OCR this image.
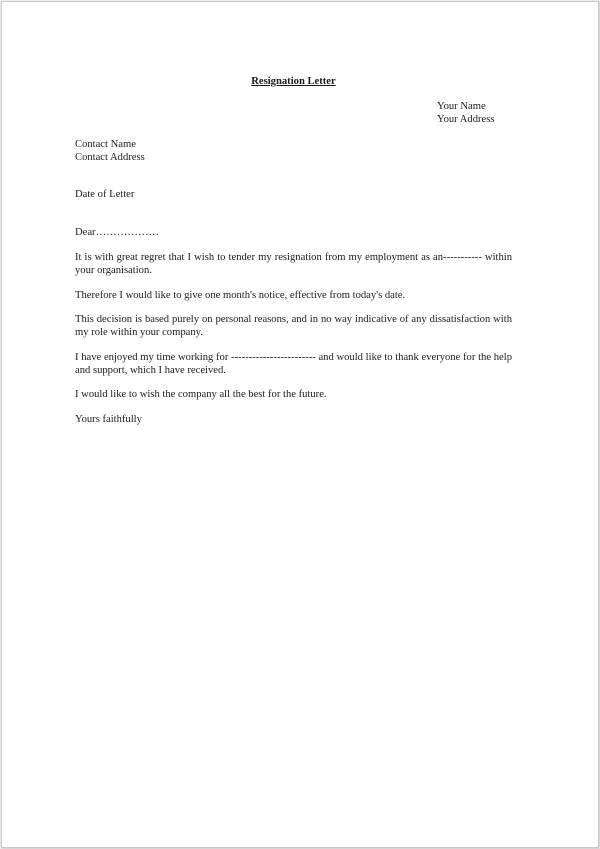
Resignation Letter
Your Name
Your Address
Contact Name
Contact Address
Date of Letter
Dear………………
It is with great regret that I wish to tender my resignation from my employment as an----------- within your organisation.
Therefore I would like to give one month's notice, effective from today's date.
This decision is based purely on personal reasons, and in no way indicative of any dissatisfaction with my role within your company.
I have enjoyed my time working for ------------------------ and would like to thank everyone for the help and support, which I have received.
I would like to wish the company all the best for the future.
Yours faithfully
